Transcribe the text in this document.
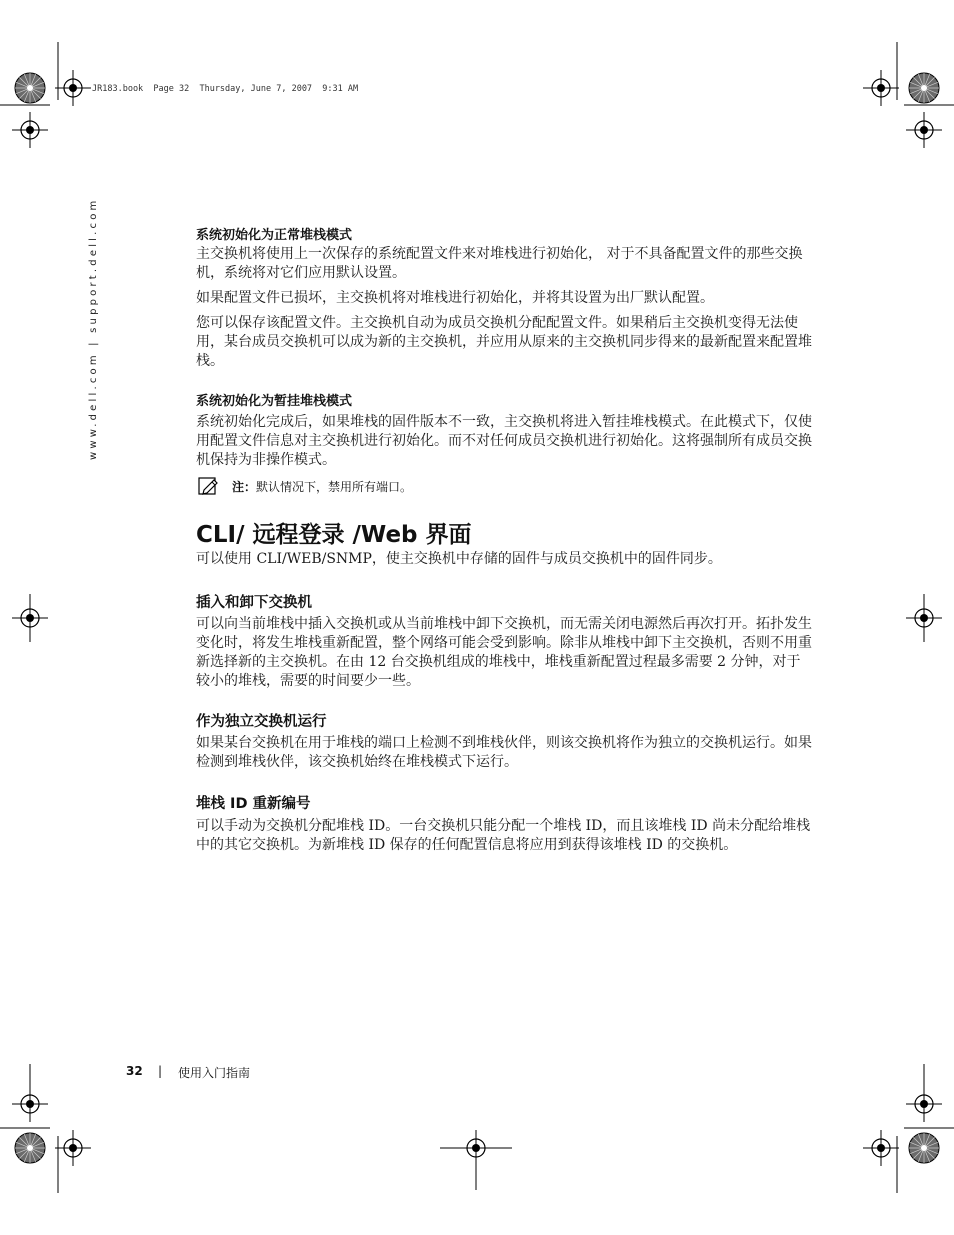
JR183.book  Page 32  Thursday, June 7, 2007  9:31 AM
www.dell.com | support.dell.com	系统初始化为正常堆栈模式
主交换机将使用上一次保存的系统配置文件来对堆栈进行初始化， 对于不具备配置文件的那些交换机，系统将对它们应用默认设置。
如果配置文件已损坏，主交换机将对堆栈进行初始化，并将其设置为出厂默认配置。
您可以保存该配置文件。主交换机自动为成员交换机分配配置文件。如果稍后主交换机变得无法使用，某台成员交换机可以成为新的主交换机，并应用从原来的主交换机同步得来的最新配置来配置堆栈。
系统初始化为暂挂堆栈模式
系统初始化完成后，如果堆栈的固件版本不一致，主交换机将进入暂挂堆栈模式。在此模式下，仅使用配置文件信息对主交换机进行初始化。而不对任何成员交换机进行初始化。这将强制所有成员交换机保持为非操作模式。
注：默认情况下，禁用所有端口。
CLI/ 远程登录 /Web 界面
可以使用 CLI/WEB/SNMP，使主交换机中存储的固件与成员交换机中的固件同步。
插入和卸下交换机
可以向当前堆栈中插入交换机或从当前堆栈中卸下交换机，而无需关闭电源然后再次打开。拓扑发生变化时，将发生堆栈重新配置，整个网络可能会受到影响。除非从堆栈中卸下主交换机，否则不用重新选择新的主交换机。在由 12 台交换机组成的堆栈中，堆栈重新配置过程最多需要 2 分钟，对于较小的堆栈，需要的时间要少一些。
作为独立交换机运行
如果某台交换机在用于堆栈的端口上检测不到堆栈伙伴，则该交换机将作为独立的交换机运行。如果检测到堆栈伙伴，该交换机始终在堆栈模式下运行。
堆栈 ID 重新编号
可以手动为交换机分配堆栈 ID。一台交换机只能分配一个堆栈 ID，而且该堆栈 ID 尚未分配给堆栈中的其它交换机。为新堆栈 ID 保存的任何配置信息将应用到获得该堆栈 ID 的交换机。
32 | 使用入门指南
